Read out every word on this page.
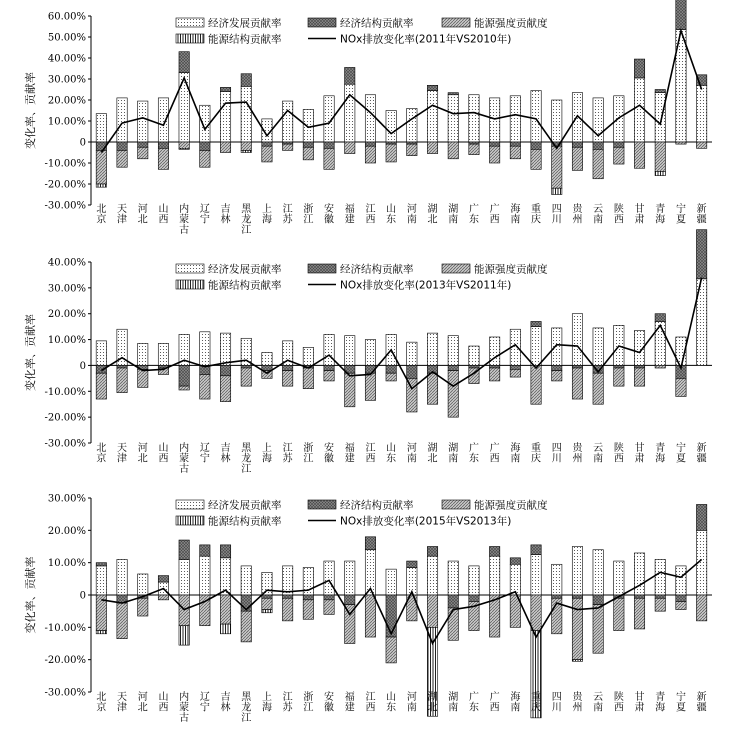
60.00%
50.00%
40.00%
30.00%
20.00%
10.00%
0
-10.00%
-20.00%
-30.00%
变化率、贡献率
北
京
天
津
河
北
山
西
内
蒙
古
辽
宁
吉
林
黑
龙
江
上
海
江
苏
浙
江
安
徽
福
建
江
西
山
东
河
南
湖
北
湖
南
广
东
广
西
海
南
重
庆
四
川
贵
州
云
南
陕
西
甘
肃
青
海
宁
夏
新
疆
经济发展贡献率	经济结构贡献率	能源强度贡献度
能源结构贡献率	NOx排放变化率(2011年VS2010年)
40.00%
30.00%
20.00%
10.00%
0
-10.00%
-20.00%
-30.00%
变化率、贡献率
北
京
天
津
河
北
山
西
内
蒙
古
辽
宁
吉
林
黑
龙
江
上
海
江
苏
浙
江
安
徽
福
建
江
西
山
东
河
南
湖
北
湖
南
广
东
广
西
海
南
重
庆
四
川
贵
州
云
南
陕
西
甘
肃
青
海
宁
夏
新
疆
经济发展贡献率	经济结构贡献率	能源强度贡献度
能源结构贡献率	NOx排放变化率(2013年VS2011年)
30.00%
20.00%
10.00%
0
-10.00%
-20.00%
-30.00%
变化率、贡献率
北
京
天
津
河
北
山
西
内
蒙
古
辽
宁
吉
林
黑
龙
江
上
海
江
苏
浙
江
安
徽
福
建
江
西
山
东
河
南
湖
北
湖
南
广
东
广
西
海
南
重
庆
四
川
贵
州
云
南
陕
西
甘
肃
青
海
宁
夏
新
疆
经济发展贡献率	经济结构贡献率	能源强度贡献度
能源结构贡献率	NOx排放变化率(2015年VS2013年)
